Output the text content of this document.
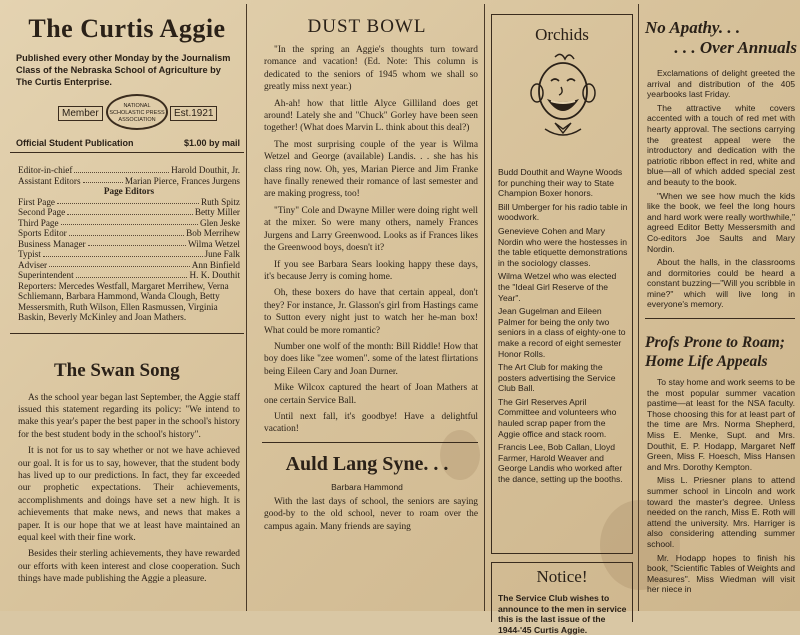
The Curtis Aggie
Published every other Monday by the Journalism Class of the Nebraska School of Agriculture by The Curtis Enterprise.
Member
NATIONAL SCHOLASTIC PRESS ASSOCIATION
Est.1921
Official Student Publication	$1.00 by mail
Editor-in-chief	Harold Douthit, Jr.
Assistant Editors	Marian Pierce, Frances Jurgens
Page Editors
First Page	Ruth Spitz
Second Page	Betty Miller
Third Page	Glen Jeske
Sports Editor	Bob Merrihew
Business Manager	Wilma Wetzel
Typist	June Falk
Adviser	Ann Binfield
Superintendent	H. K. Douthit
Reporters: Mercedes Westfall, Margaret Merrihew, Verna Schliemann, Barbara Hammond, Wanda Clough, Betty Messersmith, Ruth Wilson, Ellen Rasmussen, Virginia Baskin, Beverly McKinley and Joan Mathers.
The Swan Song

As the school year began last September, the Aggie staff issued this statement regarding its policy: "We intend to make this year's paper the best paper in the school's history for the best student body in the school's history".

It is not for us to say whether or not we have achieved our goal. It is for us to say, however, that the student body has lived up to our predictions. In fact, they far exceeded our prophetic expectations. Their achievements, accomplishments and doings have set a new high. It is achievements that make news, and news that makes a paper. It is our hope that we at least have maintained an equal keel with their fine work.

Besides their sterling achievements, they have rewarded our efforts with keen interest and close cooperation. Such things have made publishing the Aggie a pleasure.

DUST BOWL

"In the spring an Aggie's thoughts turn toward romance and vacation! (Ed. Note: This column is dedicated to the seniors of 1945 whom we shall so greatly miss next year.)

Ah-ah! how that little Alyce Gilliland does get around! Lately she and "Chuck" Gorley have been seen together! (What does Marvin L. think about this deal?)

The most surprising couple of the year is Wilma Wetzel and George (available) Landis. . . she has his class ring now. Oh, yes, Marian Pierce and Jim Franke have finally renewed their romance of last semester and are making progress, too!

"Tiny" Cole and Dwayne Miller were doing right well at the mixer. So were many others, namely Frances Jurgens and Larry Greenwood. Looks as if Frances likes the Greenwood boys, doesn't it?

If you see Barbara Sears looking happy these days, it's because Jerry is coming home.

Oh, these boxers do have that certain appeal, don't they? For instance, Jr. Glasson's girl from Hastings came to Sutton every night just to watch her he-man box! What could be more romantic?

Number one wolf of the month: Bill Riddle! How that boy does like "zee women". some of the latest flirtations being Eileen Cary and Joan Durner.

Mike Wilcox captured the heart of Joan Mathers at one certain Service Ball.

Until next fall, it's goodbye! Have a delightful vacation!

Auld Lang Syne. . .
Barbara Hammond

With the last days of school, the seniors are saying good-by to the old school, never to roam over the campus again. Many friends are saying

Orchids

Budd Douthit and Wayne Woods for punching their way to State Champion Boxer honors.

Bill Umberger for his radio table in woodwork.

Genevieve Cohen and Mary Nordin who were the hostesses in the table etiquette demonstrations in the sociology classes.

Wilma Wetzel who was elected the "Ideal Girl Reserve of the Year".

Jean Gugelman and Eileen Palmer for being the only two seniors in a class of eighty-one to make a record of eight semester Honor Rolls.

The Art Club for making the posters advertising the Service Club Ball.

The Girl Reserves April Committee and volunteers who hauled scrap paper from the Aggie office and stack room.

Francis Lee, Bob Callan, Lloyd Farmer, Harold Weaver and George Landis who worked after the dance, setting up the booths.

Notice!

The Service Club wishes to announce to the men in service this is the last issue of the 1944-'45 Curtis Aggie.

No Apathy. . .
. . . Over Annuals

Exclamations of delight greeted the arrival and distribution of the 405 yearbooks last Friday.

The attractive white covers accented with a touch of red met with hearty approval. The sections carrying the greatest appeal were the introductory and dedication with the patriotic ribbon effect in red, white and blue—all of which added special zest and beauty to the book.

"When we see how much the kids like the book, we feel the long hours and hard work were really worthwhile," agreed Editor Betty Messersmith and Co-editors Joe Saults and Mary Nordin.

About the halls, in the classrooms and dormitories could be heard a constant buzzing—"Will you scribble in mine?" which will live long in everyone's memory.

Profs Prone to Roam;
Home Life Appeals

To stay home and work seems to be the most popular summer vacation pastime—at least for the NSA faculty. Those choosing this for at least part of the time are Mrs. Norma Shepherd, Miss E. Menke, Supt. and Mrs. Douthit, E. P. Hodapp, Margaret Neff Green, Miss F. Hoesch, Miss Hansen and Mrs. Dorothy Kempton.

Miss L. Priesner plans to attend summer school in Lincoln and work toward the master's degree. Unless needed on the ranch, Miss E. Roth will attend the university. Mrs. Harriger is also considering attending summer school.

Mr. Hodapp hopes to finish his book, "Scientific Tables of Weights and Measures". Miss Wiedman will visit her niece in
